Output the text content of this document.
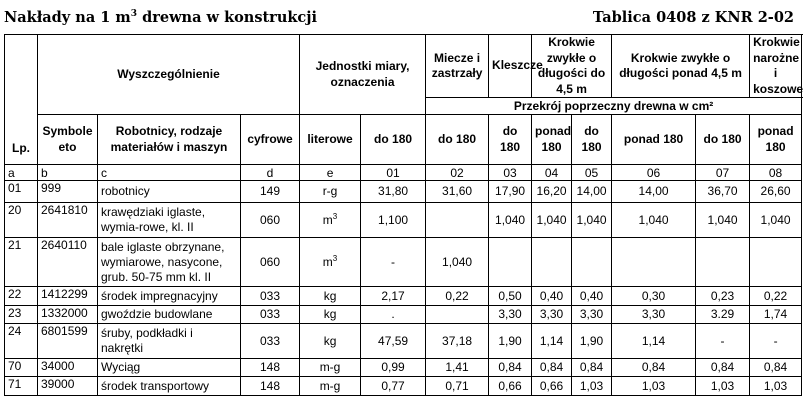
Nakłady na 1 $m^3$ drewna w konstrukcji	Tablica 0408 z KNR 2-02
Lp.	Wyszczególnienie			Jednostki miary, oznaczenia		Miecze i zastrzały	Kleszcze	Krokwie zwykłe o długości do 4,5 m		Krokwie zwykłe o długości ponad 4,5 m		Krokwie narożne i koszowe
						Przekrój poprzeczny drewna w cm²						
	Symbole eto	Robotnicy, rodzaje materiałów i maszyn	cyfrowe	literowe	do 180	do 180	do 180	ponad 180	do 180	ponad 180	do 180	ponad 180
a	b	c	d	e	01	02	03	04	05	06	07	08
01	999	robotnicy	149	r-g	31,80	31,60	17,90	16,20	14,00	14,00	36,70	26,60
20	2641810	krawędziaki iglaste, wymia-rowe, kl. II	060	$m^3$	1,100		1,040	1,040	1,040	1,040	1,040	1,040
21	2640110	bale iglaste obrzynane, wymiarowe, nasycone, grub. 50-75 mm kl. II	060	$m^3$	-	1,040						
22	1412299	środek impregnacyjny	033	kg	2,17	0,22	0,50	0,40	0,40	0,30	0,23	0,22
23	1332000	gwoździe budowlane	033	kg	.		3,30	3,30	3,30	3,30	3.29	1,74
24	6801599	śruby, podkładki i nakrętki	033	kg	47,59	37,18	1,90	1,14	1,90	1,14	-	-
70	34000	Wyciąg	148	m-g	0,99	1,41	0,84	0,84	0,84	0,84	0,84	0,84
71	39000	środek transportowy	148	m-g	0,77	0,71	0,66	0,66	1,03	1,03	1,03	1,03
